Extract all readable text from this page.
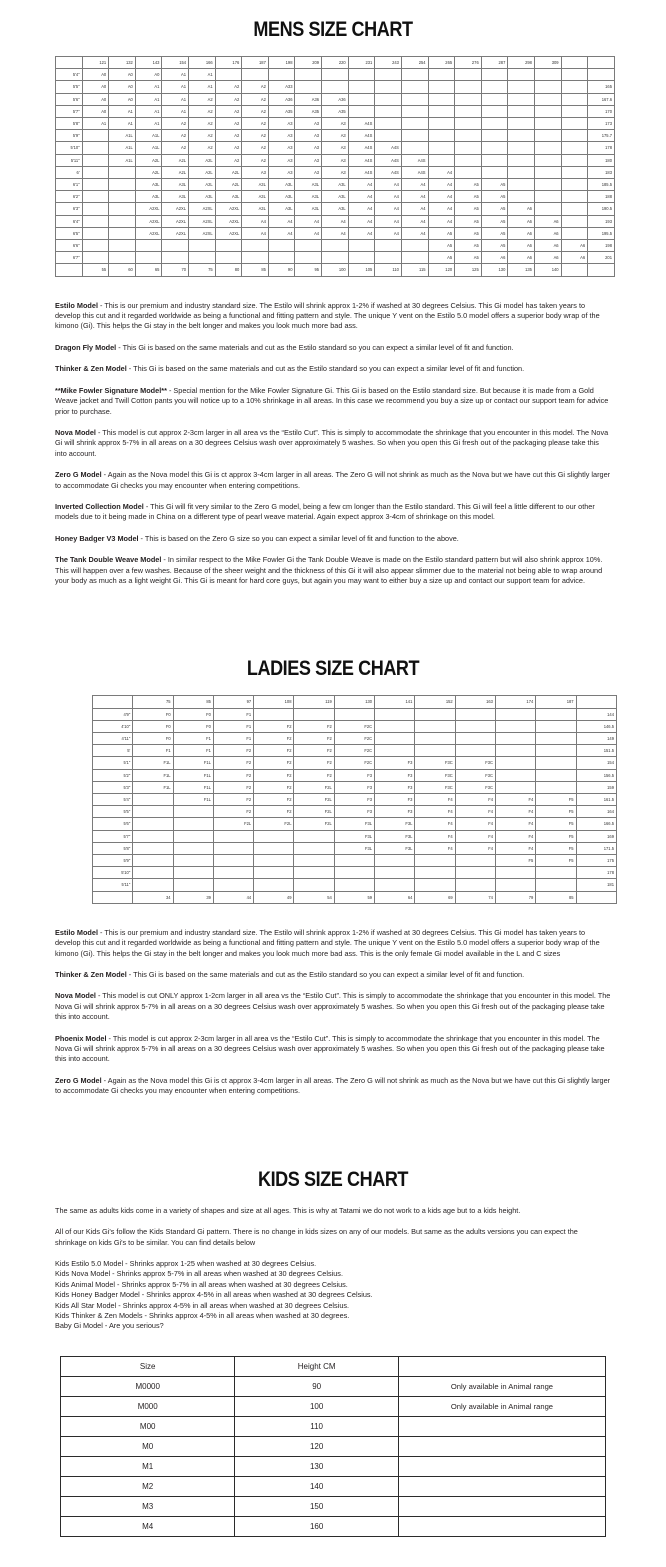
MENS SIZE CHART
	121	132	143	154	166	176	187	198	209	220	231	243	254	265	276	287	298	309		
5'4"	A0	A0	A0	A1	A1															
5'5"	A0	A0	A1	A1	A1	A2	A2	A33												165
5'6"	A0	A0	A1	A1	A2	A2	A2	A36	A36	A36										167.6
5'7"	A0	A1	A1	A1	A2	A2	A2	A35	A35	A35										170
5'8"	A1	A1	A1	A2	A2	A2	A2	A3	A3	A3	A4S									173
5'9"		A1L	A1L	A2	A2	A2	A2	A3	A3	A3	A4S									175.7
5'10"		A1L	A1L	A2	A2	A2	A2	A3	A3	A3	A4S	A4S								178
5'11"		A1L	A2L	A2L	A2L	A2	A2	A3	A3	A3	A4S	A4S	A4S							180
6'			A2L	A2L	A2L	A2L	A3	A3	A3	A3	A4S	A4S	A4S	A4						183
6'1"			A3L	A3L	A2L	A2L	A3L	A3L	A3L	A3L	A4	A4	A4	A4	A5	A5				185.5
6'2"			A3L	A3L	A3L	A3L	A3L	A3L	A3L	A3L	A4	A4	A4	A4	A5	A5				188
6'3"			A2XL	A2XL	A2XL	A2XL	A3L	A3L	A3L	A3L	A4	A4	A4	A4	A5	A5	A6			190.5
6'4"			A2XL	A2XL	A2XL	A2XL	A4	A4	A4	A4	A4	A4	A4	A4	A5	A5	A6	A6		193
6'5"			A2XL	A2XL	A2XL	A2XL	A4	A4	A4	A4	A4	A4	A4	A5	A5	A5	A6	A6		195.5
6'6"														A5	A5	A5	A6	A6	A6	198
6'7"														A5	A5	A6	A6	A6	A6	201
	55	60	65	70	75	80	85	90	95	100	105	110	115	120	125	130	135	140		

Estilo Model - This is our premium and industry standard size. The Estilo will shrink approx 1-2% if washed at 30 degrees Celsius. This Gi model has taken years to develop this cut and it regarded worldwide as being a functional and fitting pattern and style. The unique Y vent on the Estilo 5.0 model offers a superior body wrap of the kimono (Gi). This helps the Gi stay in the belt longer and makes you look much more bad ass.

Dragon Fly Model - This Gi is based on the same materials and cut as the Estilo standard so you can expect a similar level of fit and function.

Thinker & Zen Model - This Gi is based on the same materials and cut as the Estilo standard so you can expect a similar level of fit and function.

**Mike Fowler Signature Model** - Special mention for the Mike Fowler Signature Gi. This Gi is based on the Estilo standard size. But because it is made from a Gold Weave jacket and Twill Cotton pants you will notice up to a 10% shrinkage in all areas. In this case we recommend you buy a size up or contact our support team for advice prior to purchase.

Nova Model - This model is cut approx 2-3cm larger in all area vs the “Estilo Cut”. This is simply to accommodate the shrinkage that you encounter in this model. The Nova Gi will shrink approx 5-7% in all areas on a 30 degrees Celsius wash over approximately 5 washes. So when you open this Gi fresh out of the packaging please take this into account.

Zero G Model - Again as the Nova model this Gi is ct approx 3-4cm larger in all areas. The Zero G will not shrink as much as the Nova but we have cut this Gi slightly larger to accommodate Gi checks you may encounter when entering competitions.

Inverted Collection Model - This Gi will fit very similar to the Zero G model, being a few cm longer than the Estilo standard. This Gi will feel a little different to our other models due to it being made in China on a different type of pearl weave material. Again expect approx 3-4cm of shrinkage on this model.

Honey Badger V3 Model - This is based on the Zero G size so you can expect a similar level of fit and function to the above.

The Tank Double Weave Model - In similar respect to the Mike Fowler Gi the Tank Double Weave is made on the Estilo standard pattern but will also shrink approx 10%. This will happen over a few washes. Because of the sheer weight and the thickness of this Gi it will also appear slimmer due to the material not being able to wrap around your body as much as a light weight Gi. This Gi is meant for hard core guys, but again you may want to either buy a size up and contact our support team for advice.

LADIES SIZE CHART
	75	85	97	108	119	130	141	152	163	174	187	
4'9"	F0	F0	F1									144
4'10"	F0	F0	F1	F2	F2	F2C						146.5
4'11"	F0	F1	F1	F2	F2	F2C						149
5'	F1	F1	F2	F2	F2	F2C						151.5
5'1"	F1L	F1L	F2	F2	F2	F2C	F3	F3C	F3C			154
5'2"	F1L	F1L	F2	F2	F2	F3	F3	F3C	F3C			156.5
5'3"	F1L	F1L	F2	F2	F2L	F3	F3	F3C	F3C			159
5'4"		F1L	F2	F2	F2L	F3	F3	F4	F4	F4	F5	161.5
5'5"			F2	F2	F2L	F3	F3	F4	F4	F4	F5	164
5'6"			F2L	F2L	F2L	F3L	F3L	F4	F4	F4	F5	166.5
5'7"						F3L	F3L	F4	F4	F4	F5	169
5'8"						F3L	F3L	F4	F4	F4	F5	171.5
5'9"										F5	F5	175
5'10"												178
5'11"												181
	34	39	44	49	54	59	64	69	74	79	85	

Estilo Model - This is our premium and industry standard size. The Estilo will shrink approx 1-2% if washed at 30 degrees Celsius. This Gi model has taken years to develop this cut and it regarded worldwide as being a functional and fitting pattern and style. The unique Y vent on the Estilo 5.0 model offers a superior body wrap of the kimono (Gi). This helps the Gi stay in the belt longer and makes you look much more bad ass. This is the only female Gi model available in the L and C sizes

Thinker & Zen Model - This Gi is based on the same materials and cut as the Estilo standard so you can expect a similar level of fit and function.

Nova Model - This model is cut ONLY approx 1-2cm larger in all area vs the “Estilo Cut”. This is simply to accommodate the shrinkage that you encounter in this model. The Nova Gi will shrink approx 5-7% in all areas on a 30 degrees Celsius wash over approximately 5 washes. So when you open this Gi fresh out of the packaging please take this into account.

Phoenix Model - This model is cut approx 2-3cm larger in all area vs the “Estilo Cut”. This is simply to accommodate the shrinkage that you encounter in this model. The Nova Gi will shrink approx 5-7% in all areas on a 30 degrees Celsius wash over approximately 5 washes. So when you open this Gi fresh out of the packaging please take this into account.

Zero G Model - Again as the Nova model this Gi is ct approx 3-4cm larger in all areas. The Zero G will not shrink as much as the Nova but we have cut this Gi slightly larger to accommodate Gi checks you may encounter when entering competitions.

KIDS SIZE CHART

The same as adults kids come in a variety of shapes and size at all ages. This is why at Tatami we do not work to a kids age but to a kids height.

All of our Kids Gi's follow the Kids Standard Gi pattern. There is no change in kids sizes on any of our models. But same as the adults versions you can expect the shrinkage on kids Gi's to be similar. You can find details below

Kids Estilo 5.0 Model - Shrinks approx 1-25 when washed at 30 degrees Celsius.

Kids Nova Model - Shrinks approx 5-7% in all areas when washed at 30 degrees Celsius.

Kids Animal Model - Shrinks approx 5-7% in all areas when washed at 30 degrees Celsius.

Kids Honey Badger Model - Shrinks approx 4-5% in all areas when washed at 30 degrees Celsius.

Kids All Star Model - Shrinks approx 4-5% in all areas when washed at 30 degrees Celsius.

Kids Thinker & Zen Models - Shrinks approx 4-5% in all areas when washed at 30 degrees.

Baby Gi Model - Are you serious?

Size	Height CM	
M0000	90	Only available in Animal range
M000	100	Only available in Animal range
M00	110	
M0	120	
M1	130	
M2	140	
M3	150	
M4	160	
